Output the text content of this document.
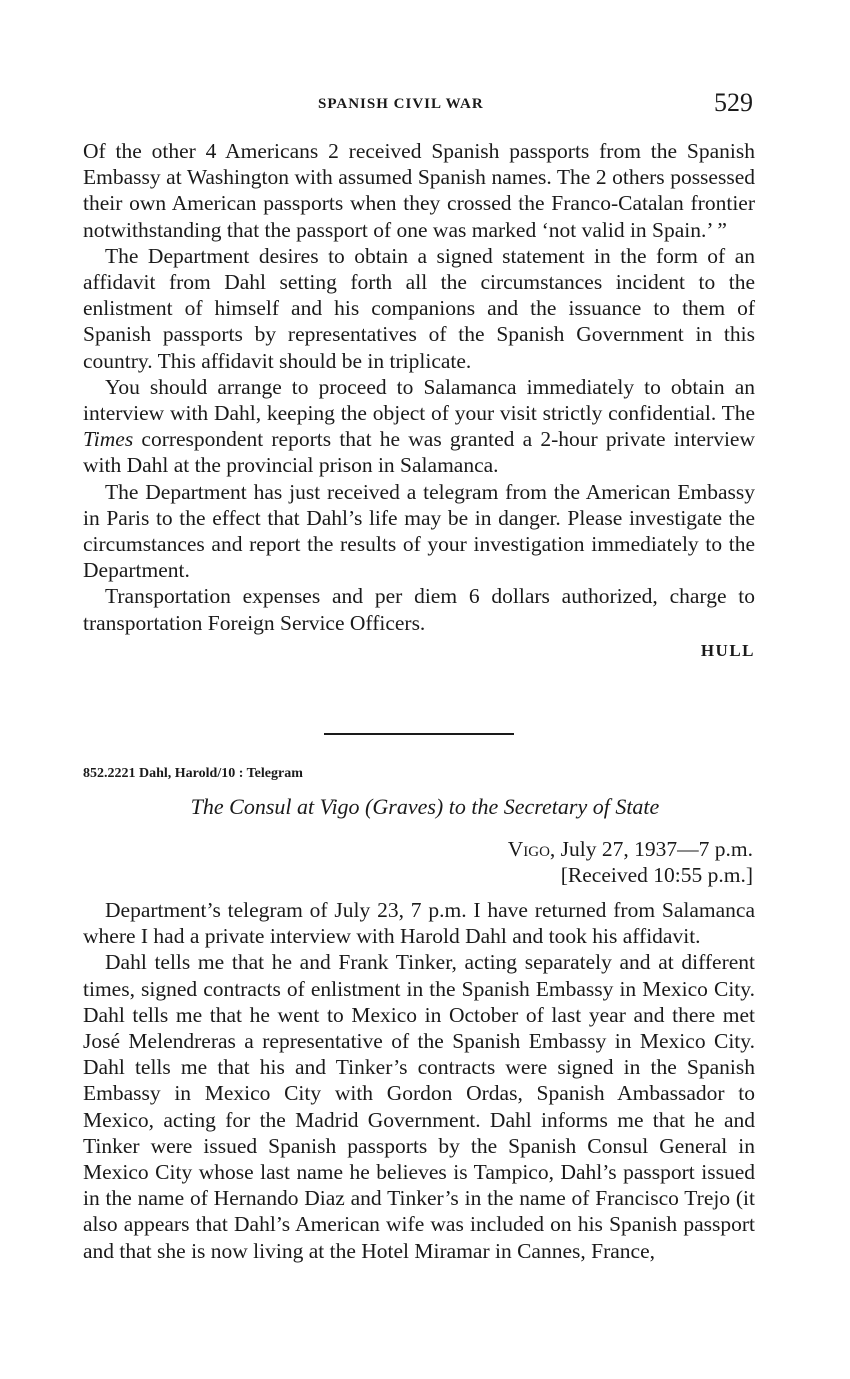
SPANISH CIVIL WAR	529

Of the other 4 Americans 2 received Spanish passports from the Spanish Embassy at Washington with assumed Spanish names. The 2 others possessed their own American passports when they crossed the Franco-Catalan frontier notwithstanding that the passport of one was marked ‘not valid in Spain.’ ”

The Department desires to obtain a signed statement in the form of an affidavit from Dahl setting forth all the circumstances incident to the enlistment of himself and his companions and the issuance to them of Spanish passports by representatives of the Spanish Government in this country. This affidavit should be in triplicate.

You should arrange to proceed to Salamanca immediately to obtain an interview with Dahl, keeping the object of your visit strictly confidential. The Times correspondent reports that he was granted a 2-hour private interview with Dahl at the provincial prison in Salamanca.

The Department has just received a telegram from the American Embassy in Paris to the effect that Dahl’s life may be in danger. Please investigate the circumstances and report the results of your investigation immediately to the Department.

Transportation expenses and per diem 6 dollars authorized, charge to transportation Foreign Service Officers.

HULL
852.2221 Dahl, Harold/10 : Telegram
The Consul at Vigo (Graves) to the Secretary of State
Vigo, July 27, 1937—7 p.m.
[Received 10:55 p.m.]

Department’s telegram of July 23, 7 p.m. I have returned from Salamanca where I had a private interview with Harold Dahl and took his affidavit.

Dahl tells me that he and Frank Tinker, acting separately and at different times, signed contracts of enlistment in the Spanish Embassy in Mexico City. Dahl tells me that he went to Mexico in October of last year and there met José Melendreras a representative of the Spanish Embassy in Mexico City. Dahl tells me that his and Tinker’s contracts were signed in the Spanish Embassy in Mexico City with Gordon Ordas, Spanish Ambassador to Mexico, acting for the Madrid Government. Dahl informs me that he and Tinker were issued Spanish passports by the Spanish Consul General in Mexico City whose last name he believes is Tampico, Dahl’s passport issued in the name of Hernando Diaz and Tinker’s in the name of Francisco Trejo (it also appears that Dahl’s American wife was included on his Spanish passport and that she is now living at the Hotel Miramar in Cannes, France,
